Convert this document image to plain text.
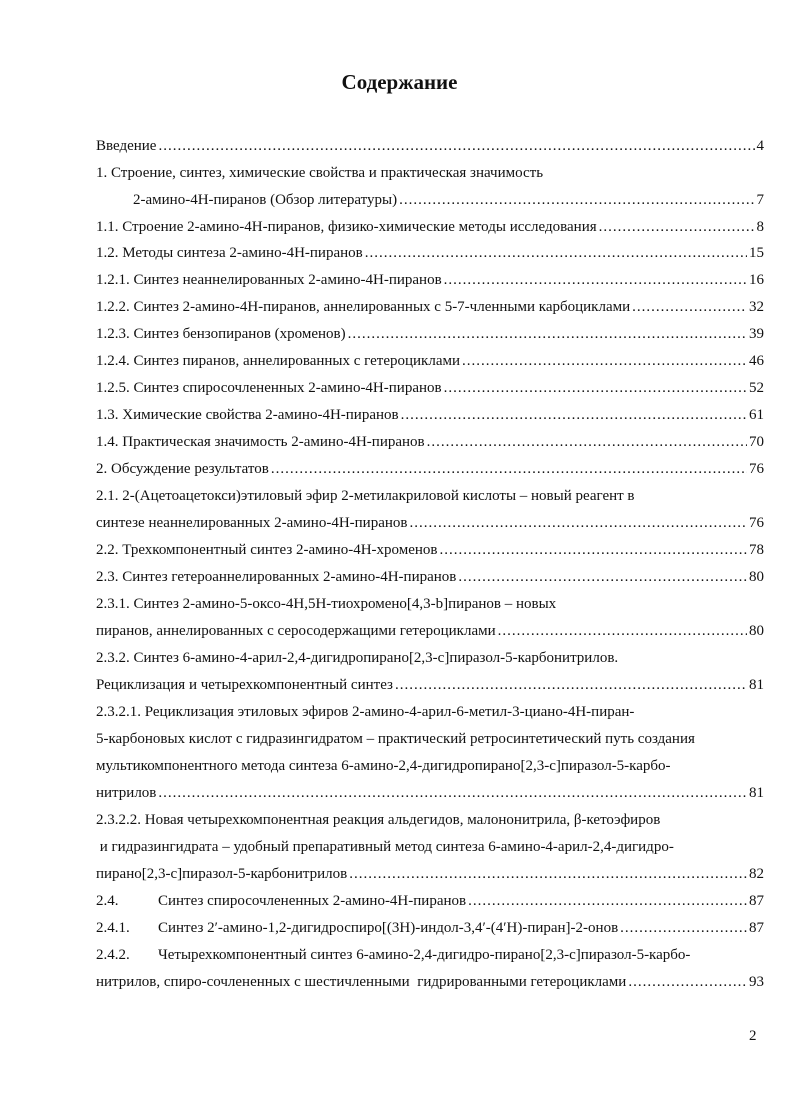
Содержание
Введение .....	4
1. Строение, синтез, химические свойства и практическая значимость
2-амино-4H-пиранов (Обзор литературы) .....	7
1.1. Строение 2-амино-4H-пиранов, физико-химические методы исследования .....	8
1.2. Методы синтеза 2-амино-4H-пиранов .....	15
1.2.1. Синтез неаннелированных 2-амино-4H-пиранов .....	16
1.2.2. Синтез 2-амино-4H-пиранов, аннелированных с 5-7-членными карбоциклами .....	32
1.2.3. Синтез бензопиранов (хроменов) .....	39
1.2.4. Синтез пиранов, аннелированных с гетероциклами .....	46
1.2.5. Синтез спиросочлененных 2-амино-4H-пиранов .....	52
1.3. Химические свойства 2-амино-4H-пиранов .....	61
1.4. Практическая значимость 2-амино-4H-пиранов .....	70
2. Обсуждение результатов .....	76
2.1. 2-(Ацетоацетокси)этиловый эфир 2-метилакриловой кислоты – новый реагент в
синтезе неаннелированных 2-амино-4H-пиранов .....	76
2.2. Трехкомпонентный синтез 2-амино-4H-хроменов .....	78
2.3. Синтез гетероаннелированных 2-амино-4H-пиранов .....	80
2.3.1. Синтез 2-амино-5-оксо-4H,5H-тиохромено[4,3-b]пиранов – новых
пиранов, аннелированных с серосодержащими гетероциклами .....	80
2.3.2. Синтез 6-амино-4-арил-2,4-дигидропирано[2,3-c]пиразол-5-карбонитрилов.
Рециклизация и четырехкомпонентный синтез .....	81
2.3.2.1. Рециклизация этиловых эфиров 2-амино-4-арил-6-метил-3-циано-4H-пиран-
5-карбоновых кислот с гидразингидратом – практический ретросинтетический путь создания
мультикомпонентного метода синтеза 6-амино-2,4-дигидропирано[2,3-c]пиразол-5-карбо-
нитрилов .....	81
2.3.2.2. Новая четырехкомпонентная реакция альдегидов, малононитрила, β-кетоэфиров
и гидразингидрата – удобный препаративный метод синтеза 6-амино-4-арил-2,4-дигидро-
пирано[2,3-c]пиразол-5-карбонитрилов .....	82
2.4.	Синтез спиросочлененных 2-амино-4H-пиранов .....	87
2.4.1. Синтез 2′-амино-1,2-дигидроспиро[(3H)-индол-3,4′-(4′H)-пиран]-2-онов .....	87
2.4.2. Четырехкомпонентный синтез 6-амино-2,4-дигидро-пирано[2,3-c]пиразол-5-карбо-
нитрилов, спиро-сочлененных с шестичленными  гидрированными гетероциклами .....	93
2
